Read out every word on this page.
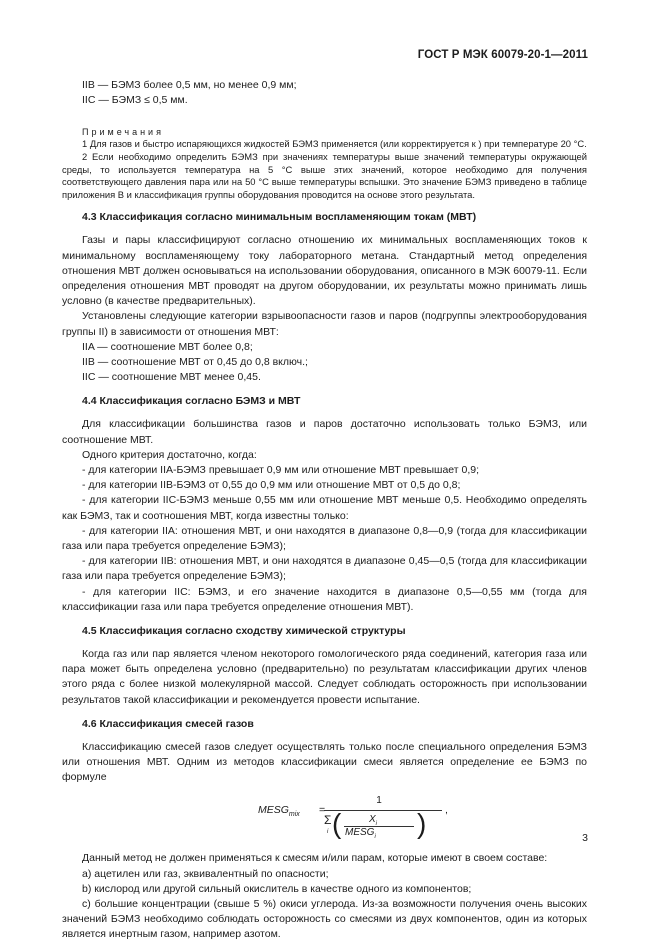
ГОСТ Р МЭК 60079-20-1—2011

IIB — БЭМЗ более 0,5 мм, но менее 0,9 мм;

IIC — БЭМЗ ≤ 0,5 мм.

Примечания

1 Для газов и быстро испаряющихся жидкостей БЭМЗ применяется (или корректируется к ) при температуре 20 °С.

2 Если необходимо определить БЭМЗ при значениях температуры выше значений температуры окружающей среды, то используется температура на 5 °С выше этих значений, которое необходимо для получения соответствующего давления пара или на 50 °С выше температуры вспышки. Это значение БЭМЗ приведено в таблице приложения В и классификация группы оборудования проводится на основе этого результата.

4.3 Классификация согласно минимальным воспламеняющим токам (МВТ)

Газы и пары классифицируют согласно отношению их минимальных воспламеняющих токов к минимальному воспламеняющему току лабораторного метана. Стандартный метод определения отношения МВТ должен основываться на использовании оборудования, описанного в МЭК 60079-11. Если определения отношения МВТ проводят на другом оборудовании, их результаты можно принимать лишь условно (в качестве предварительных).

Установлены следующие категории взрывоопасности газов и паров (подгруппы электрооборудования группы II) в зависимости от отношения МВТ:

IIA — соотношение МВТ более 0,8;

IIB — соотношение МВТ от 0,45 до 0,8 включ.;

IIC — соотношение МВТ менее 0,45.

4.4 Классификация согласно БЭМЗ и МВТ

Для классификации большинства газов и паров достаточно использовать только БЭМЗ, или соотношение МВТ.

Одного критерия достаточно, когда:

- для категории IIA-БЭМЗ превышает 0,9 мм или отношение МВТ превышает 0,9;

- для категории IIB-БЭМЗ от 0,55 до 0,9 мм или отношение МВТ от 0,5 до 0,8;

- для категории IIC-БЭМЗ меньше 0,55 мм или отношение МВТ меньше 0,5. Необходимо определять как БЭМЗ, так и соотношения МВТ, когда известны только:

- для категории IIA: отношения МВТ, и они находятся в диапазоне 0,8—0,9 (тогда для классификации газа или пара требуется определение БЭМЗ);

- для категории IIB: отношения МВТ, и они находятся в диапазоне 0,45—0,5 (тогда для классификации газа или пара требуется определение БЭМЗ);

- для категории IIC: БЭМЗ, и его значение находится в диапазоне 0,5—0,55 мм (тогда для классификации газа или пара требуется определение отношения МВТ).

4.5 Классификация согласно сходству химической структуры

Когда газ или пар является членом некоторого гомологического ряда соединений, категория газа или пара может быть определена условно (предварительно) по результатам классификации других членов этого ряда с более низкой молекулярной массой. Следует соблюдать осторожность при использовании результатов такой классификации и рекомендуется провести испытание.

4.6 Классификация смесей газов

Классификацию смесей газов следует осуществлять только после специального определения БЭМЗ или отношения МВТ. Одним из методов классификации смеси является определение ее БЭМЗ по формуле

$MESG_{mix}$ =
1
Σ
i (	$X_i$
$MESG_i$ ) ,

Данный метод не должен применяться к смесям и/или парам, которые имеют в своем составе:

а) ацетилен или газ, эквивалентный по опасности;

b) кислород или другой сильный окислитель в качестве одного из компонентов;

с) большие концентрации (свыше 5 %) окиси углерода. Из-за возможности получения очень высоких значений БЭМЗ необходимо соблюдать осторожность со смесями из двух компонентов, один из которых является инертным газом, например азотом.

3
